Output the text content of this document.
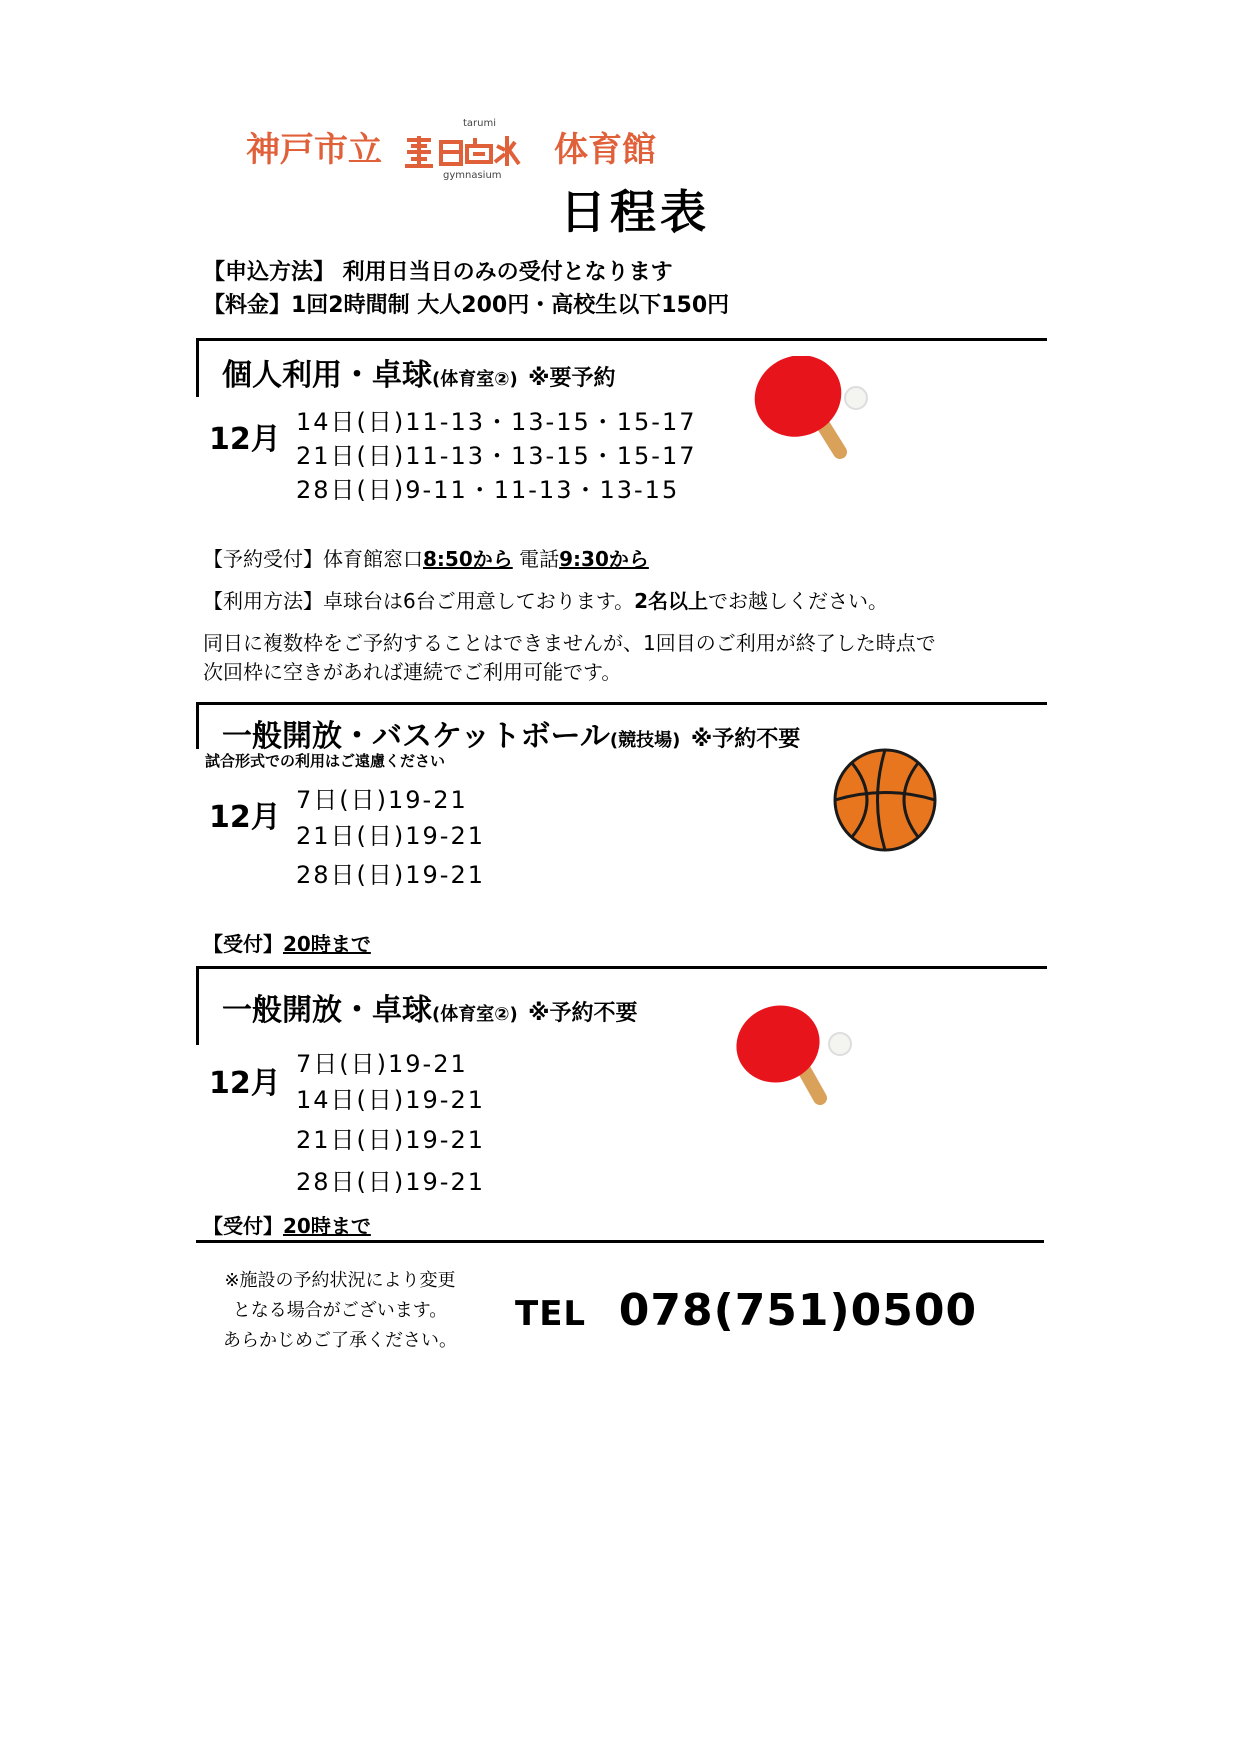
神戸市立
tarumi
gymnasium
体育館
日程表
【申込方法】 利用日当日のみの受付となります
【料金】1回2時間制 大人200円・高校生以下150円
個人利用・卓球(体育室②) ※要予約
12月 14日(日)11-13・13-15・15-17
21日(日)11-13・13-15・15-17
28日(日)9-11・11-13・13-15
【予約受付】体育館窓口8:50から 電話9:30から
【利用方法】卓球台は6台ご用意しております。2名以上でお越しください。
同日に複数枠をご予約することはできませんが、1回目のご利用が終了した時点で
次回枠に空きがあれば連続でご利用可能です。
一般開放・バスケットボール(競技場) ※予約不要
試合形式での利用はご遠慮ください
12月 7日(日)19-21
21日(日)19-21
28日(日)19-21
【受付】20時まで
一般開放・卓球(体育室②) ※予約不要
12月
7日(日)19-21
14日(日)19-21
21日(日)19-21
28日(日)19-21
【受付】20時まで
※施設の予約状況により変更
となる場合がございます。
あらかじめご了承ください。
TEL 078(751)0500
